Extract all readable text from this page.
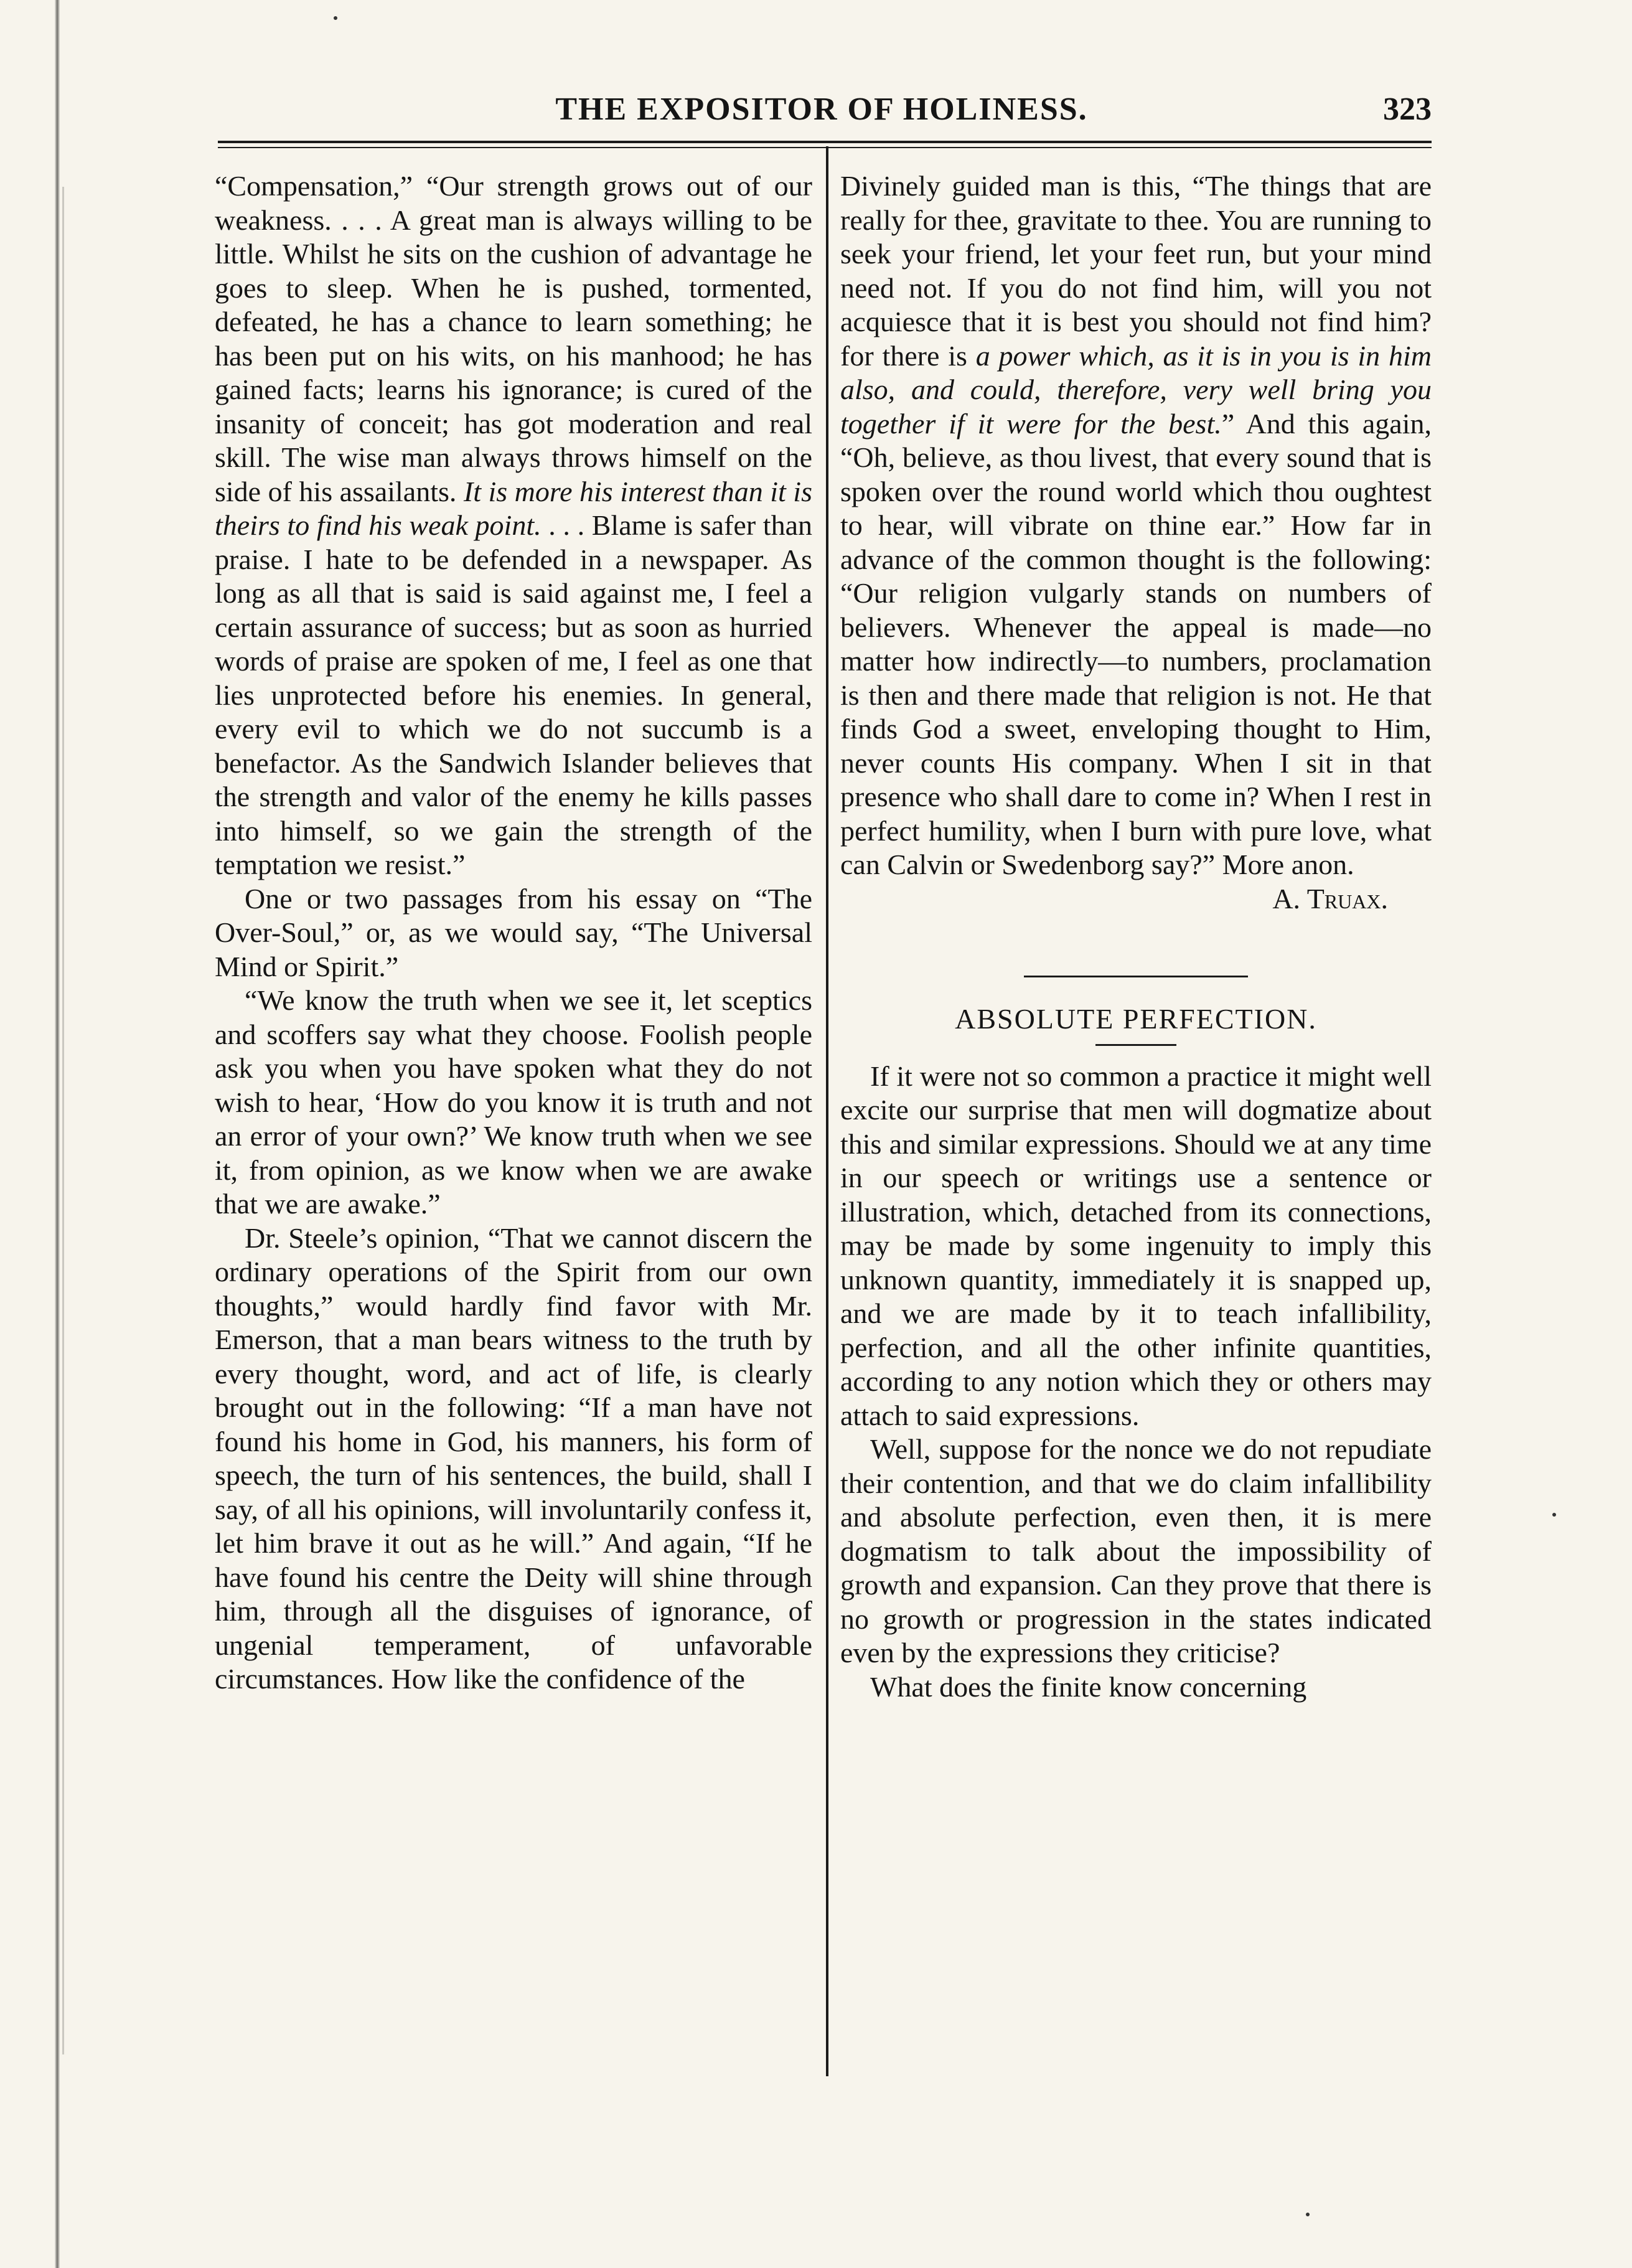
THE EXPOSITOR OF HOLINESS.	323

“Compensation,” “Our strength grows out of our weakness. . . . A great man is always willing to be little. Whilst he sits on the cushion of advantage he goes to sleep. When he is pushed, tormented, defeated, he has a chance to learn something; he has been put on his wits, on his manhood; he has gained facts; learns his ignorance; is cured of the insanity of conceit; has got moderation and real skill. The wise man always throws himself on the side of his assailants. It is more his interest than it is theirs to find his weak point. . . . Blame is safer than praise. I hate to be defended in a newspaper. As long as all that is said is said against me, I feel a certain assurance of success; but as soon as hurried words of praise are spoken of me, I feel as one that lies unprotected before his enemies. In general, every evil to which we do not succumb is a benefactor. As the Sandwich Islander believes that the strength and valor of the enemy he kills passes into himself, so we gain the strength of the temptation we resist.”

One or two passages from his essay on “The Over-Soul,” or, as we would say, “The Universal Mind or Spirit.”

“We know the truth when we see it, let sceptics and scoffers say what they choose. Foolish people ask you when you have spoken what they do not wish to hear, ‘How do you know it is truth and not an error of your own?’ We know truth when we see it, from opinion, as we know when we are awake that we are awake.”

Dr. Steele’s opinion, “That we cannot discern the ordinary operations of the Spirit from our own thoughts,” would hardly find favor with Mr. Emerson, that a man bears witness to the truth by every thought, word, and act of life, is clearly brought out in the following: “If a man have not found his home in God, his manners, his form of speech, the turn of his sentences, the build, shall I say, of all his opinions, will involuntarily confess it, let him brave it out as he will.” And again, “If he have found his centre the Deity will shine through him, through all the disguises of ignorance, of ungenial temperament, of unfavorable circumstances. How like the confidence of the

Divinely guided man is this, “The things that are really for thee, gravitate to thee. You are running to seek your friend, let your feet run, but your mind need not. If you do not find him, will you not acquiesce that it is best you should not find him? for there is a power which, as it is in you is in him also, and could, therefore, very well bring you together if it were for the best.” And this again, “Oh, believe, as thou livest, that every sound that is spoken over the round world which thou oughtest to hear, will vibrate on thine ear.” How far in advance of the common thought is the following: “Our religion vulgarly stands on numbers of believers. Whenever the appeal is made—no matter how indirectly—to numbers, proclamation is then and there made that religion is not. He that finds God a sweet, enveloping thought to Him, never counts His company. When I sit in that presence who shall dare to come in? When I rest in perfect humility, when I burn with pure love, what can Calvin or Swedenborg say?” More anon.

A. Truax.

ABSOLUTE PERFECTION.

If it were not so common a practice it might well excite our surprise that men will dogmatize about this and similar expressions. Should we at any time in our speech or writings use a sentence or illustration, which, detached from its connections, may be made by some ingenuity to imply this unknown quantity, immediately it is snapped up, and we are made by it to teach infallibility, perfection, and all the other infinite quantities, according to any notion which they or others may attach to said expressions.

Well, suppose for the nonce we do not repudiate their contention, and that we do claim infallibility and absolute perfection, even then, it is mere dogmatism to talk about the impossibility of growth and expansion. Can they prove that there is no growth or progression in the states indicated even by the expressions they criticise?

What does the finite know concerning
